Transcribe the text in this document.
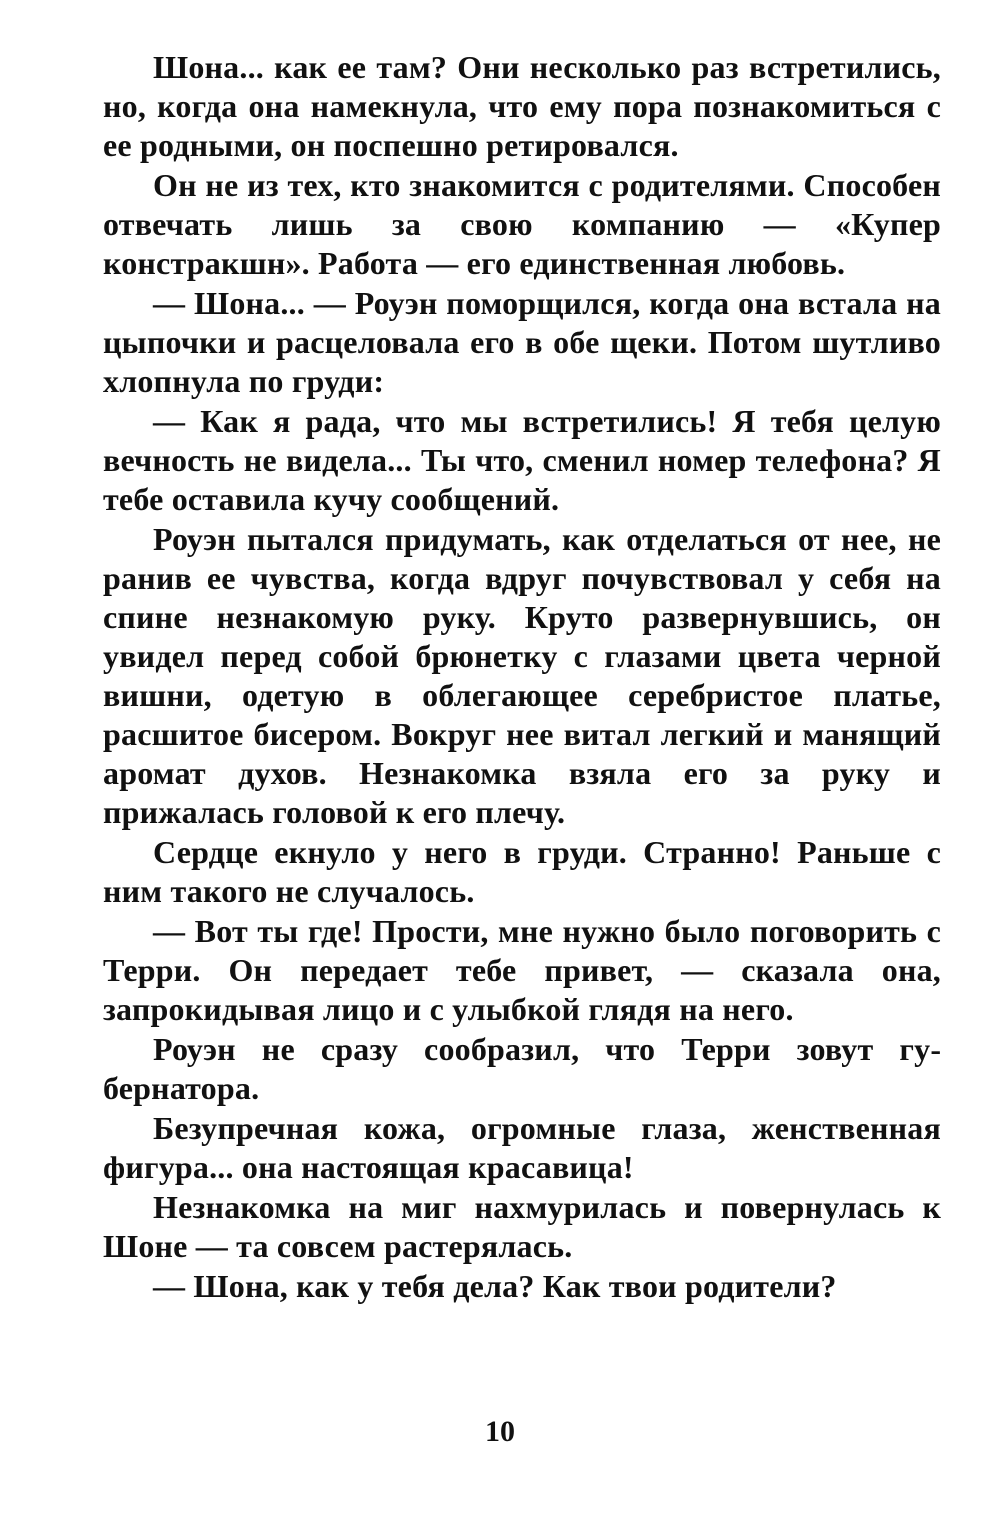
Шона... как ее там? Они несколько раз встретились, но, когда она намекнула, что ему пора познакомиться с ее родными, он поспешно ретировался.

Он не из тех, кто знакомится с родителями. Способен отвечать лишь за свою компанию — «Купер констракшн». Работа — его единственная любовь.

— Шона... — Роуэн поморщился, когда она встала на цыпочки и расцеловала его в обе щеки. Потом шутливо хлопнула по груди:

— Как я рада, что мы встретились! Я тебя целую вечность не видела... Ты что, сменил номер телефона? Я тебе оставила кучу сообщений.

Роуэн пытался придумать, как отделаться от нее, не ранив ее чувства, когда вдруг почувствовал у себя на спине незнакомую руку. Круто развернувшись, он увидел перед собой брюнетку с глазами цвета черной вишни, одетую в облегающее серебристое платье, расшитое бисером. Вокруг нее витал легкий и манящий аромат духов. Незнакомка взяла его за руку и прижалась головой к его плечу.

Сердце екнуло у него в груди. Странно! Раньше с ним такого не случалось.

— Вот ты где! Прости, мне нужно было поговорить с Терри. Он передает тебе привет, — сказала она, запрокидывая лицо и с улыбкой глядя на него.

Роуэн не сразу сообразил, что Терри зовут губернатора.

Безупречная кожа, огромные глаза, женственная фигура... она настоящая красавица!

Незнакомка на миг нахмурилась и повернулась к Шоне — та совсем растерялась.

— Шона, как у тебя дела? Как твои родители?

10
